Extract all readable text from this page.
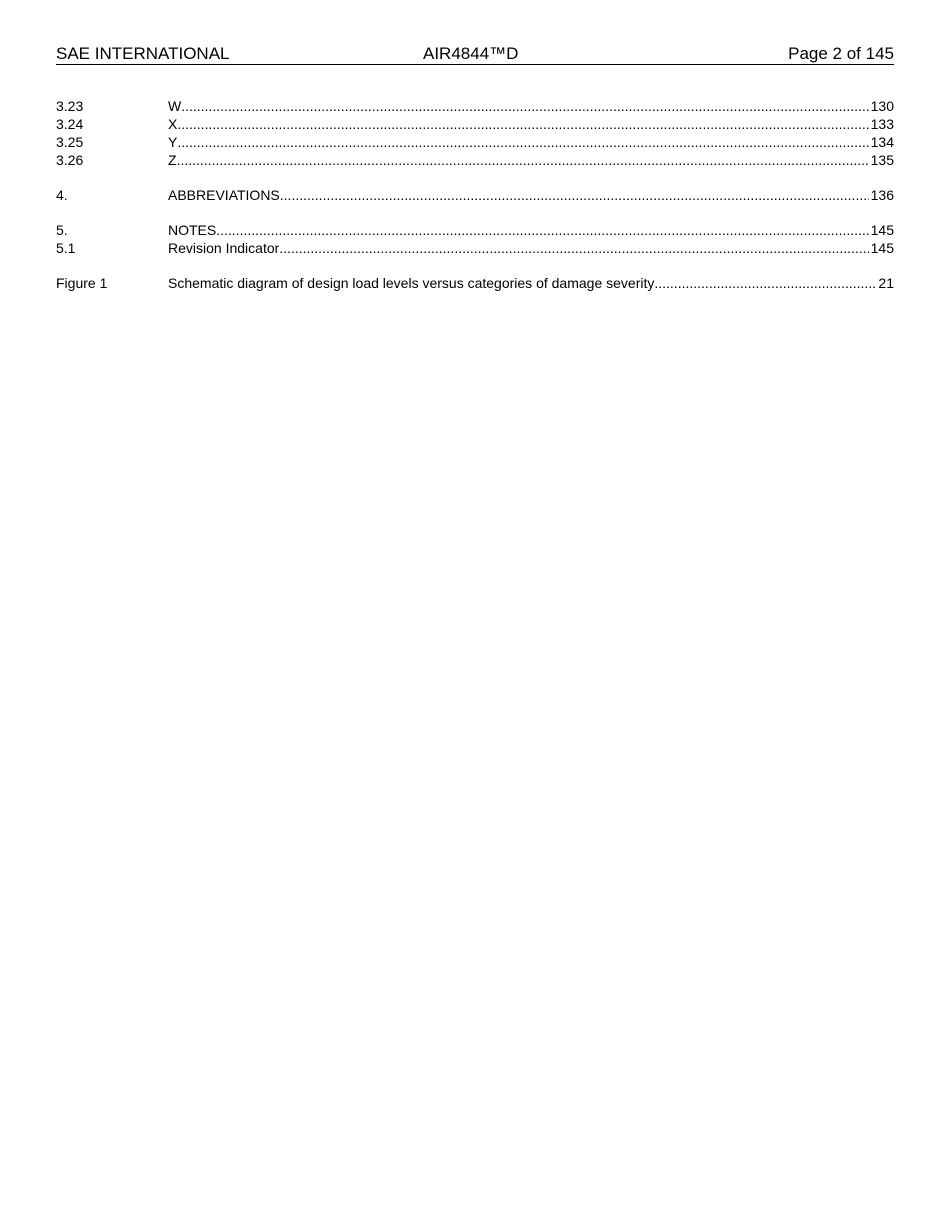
SAE INTERNATIONAL	AIR4844™D	Page 2 of 145
3.23	W .....	130
3.24	X .....	133
3.25	Y .....	134
3.26	Z .....	135
4.	ABBREVIATIONS .....	136
5.	NOTES .....	145
5.1	Revision Indicator .....	145
Figure 1	Schematic diagram of design load levels versus categories of damage severity .....	21
